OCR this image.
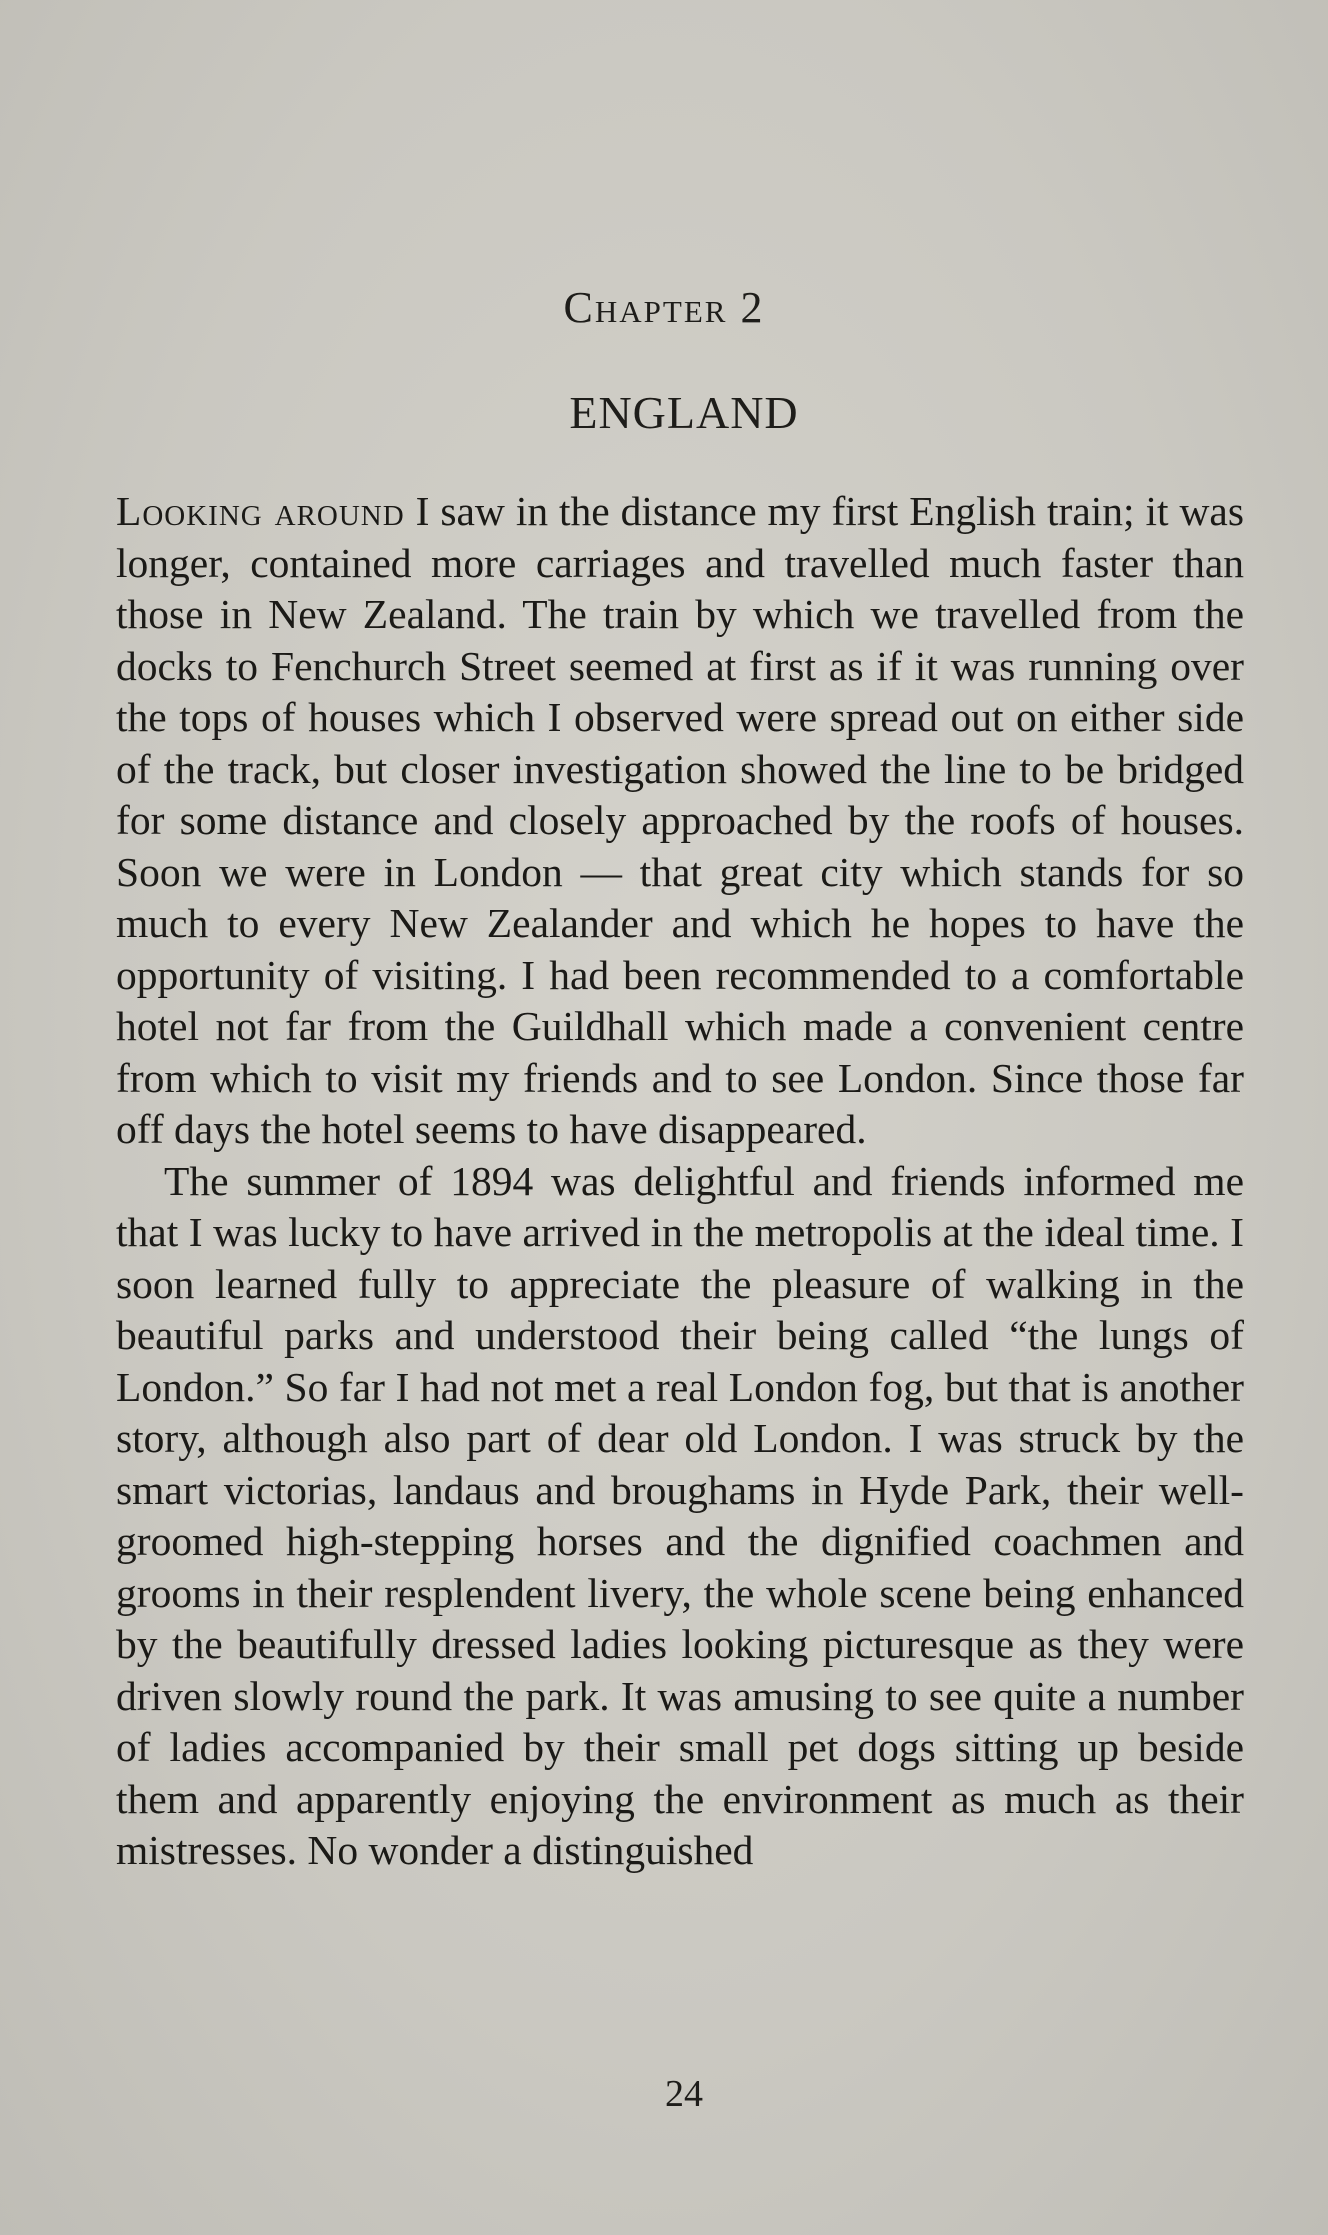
Chapter 2
ENGLAND

Looking around I saw in the distance my first English train; it was longer, contained more carriages and travelled much faster than those in New Zealand. The train by which we travelled from the docks to Fenchurch Street seemed at first as if it was running over the tops of houses which I observed were spread out on either side of the track, but closer investigation showed the line to be bridged for some distance and closely approached by the roofs of houses. Soon we were in London — that great city which stands for so much to every New Zealander and which he hopes to have the opportunity of visiting. I had been recommended to a comfortable hotel not far from the Guildhall which made a convenient centre from which to visit my friends and to see London. Since those far off days the hotel seems to have disappeared.

The summer of 1894 was delightful and friends informed me that I was lucky to have arrived in the metropolis at the ideal time. I soon learned fully to appreciate the pleasure of walking in the beautiful parks and understood their being called “the lungs of London.” So far I had not met a real London fog, but that is another story, although also part of dear old London. I was struck by the smart victorias, landaus and broughams in Hyde Park, their well-groomed high-stepping horses and the dignified coachmen and grooms in their resplendent livery, the whole scene being enhanced by the beautifully dressed ladies looking picturesque as they were driven slowly round the park. It was amusing to see quite a number of ladies accompanied by their small pet dogs sitting up beside them and apparently enjoying the environment as much as their mistresses. No wonder a distinguished

24
